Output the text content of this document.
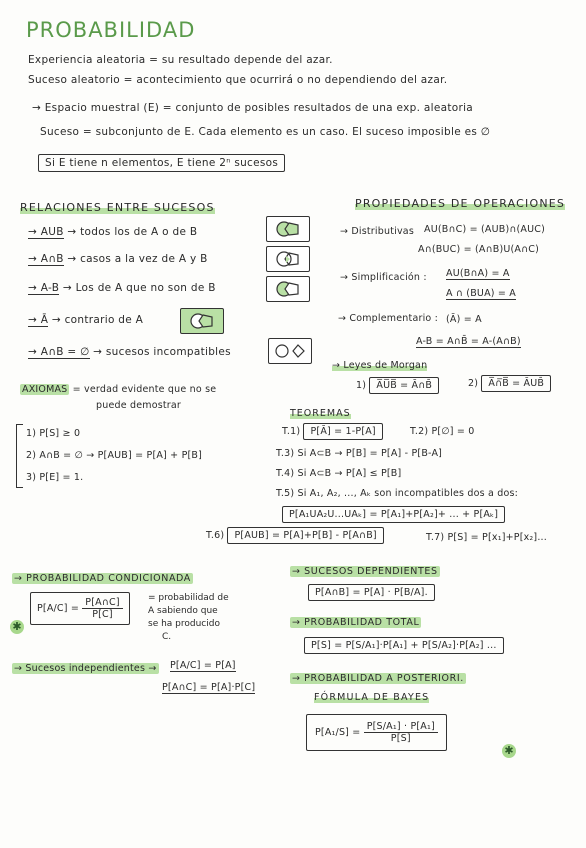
PROBABILIDAD
Experiencia aleatoria = su resultado depende del azar.
Suceso aleatorio = acontecimiento que ocurrirá o no dependiendo del azar.
→ Espacio muestral (E) = conjunto de posibles resultados de una exp. aleatoria
Suceso = subconjunto de E. Cada elemento es un caso. El suceso imposible es ∅
Si E tiene n elementos, E tiene 2ⁿ sucesos
RELACIONES ENTRE SUCESOS
→ AUB → todos los de A o de B
→ A∩B → casos a la vez de A y B
→ A-B → Los de A que no son de B
→ Ā → contrario de A
→ A∩B = ∅ → sucesos incompatibles
PROPIEDADES DE OPERACIONES
→ Distributivas AU(B∩C) = (AUB)∩(AUC)
A∩(BUC) = (A∩B)U(A∩C)
→ Simplificación : AU(B∩A) = A
A ∩ (BUA) = A
→ Complementario : (Ā) = A
A-B = A∩B̄ = A-(A∩B)
→ Leyes de Morgan
1) A̅U̅B̅ = Ā∩B̄	2) A̅∩̅B̅ = ĀUB̄
AXIOMAS = verdad evidente que no se
puede demostrar
1) P[S] ≥ 0
2) A∩B = ∅ → P[AUB] = P[A] + P[B]
3) P[E] = 1.
TEOREMAS
T.1) P[Ā] = 1-P[A]	T.2) P[∅] = 0
T.3) Si A⊂B → P[B] = P[A] - P[B-A]
T.4) Si A⊂B → P[A] ≤ P[B]
T.5) Si A₁, A₂, ..., Aₖ son incompatibles dos a dos:
P[A₁UA₂U...UAₖ] = P[A₁]+P[A₂]+ ... + P[Aₖ]
T.6) P[AUB] = P[A]+P[B] - P[A∩B]	T.7) P[S] = P[x₁]+P[x₂]...
→ PROBABILIDAD CONDICIONADA
$P[A/C] = \frac{P[A\cap C]}{P[C]}$	= probabilidad de
A sabiendo que
se ha producido
C.
✱
→ Sucesos independientes → P[A/C] = P[A]
P[A∩C] = P[A]·P[C]
→ SUCESOS DEPENDIENTES
P[A∩B] = P[A] · P[B/A].
→ PROBABILIDAD TOTAL
P[S] = P[S/A₁]·P[A₁] + P[S/A₂]·P[A₂] ...
→ PROBABILIDAD A POSTERIORI.
FÓRMULA DE BAYES
$P[A_1/S] = \frac{\text{P[S/A₁] · P[A₁]}}{P[S]}$
✱
